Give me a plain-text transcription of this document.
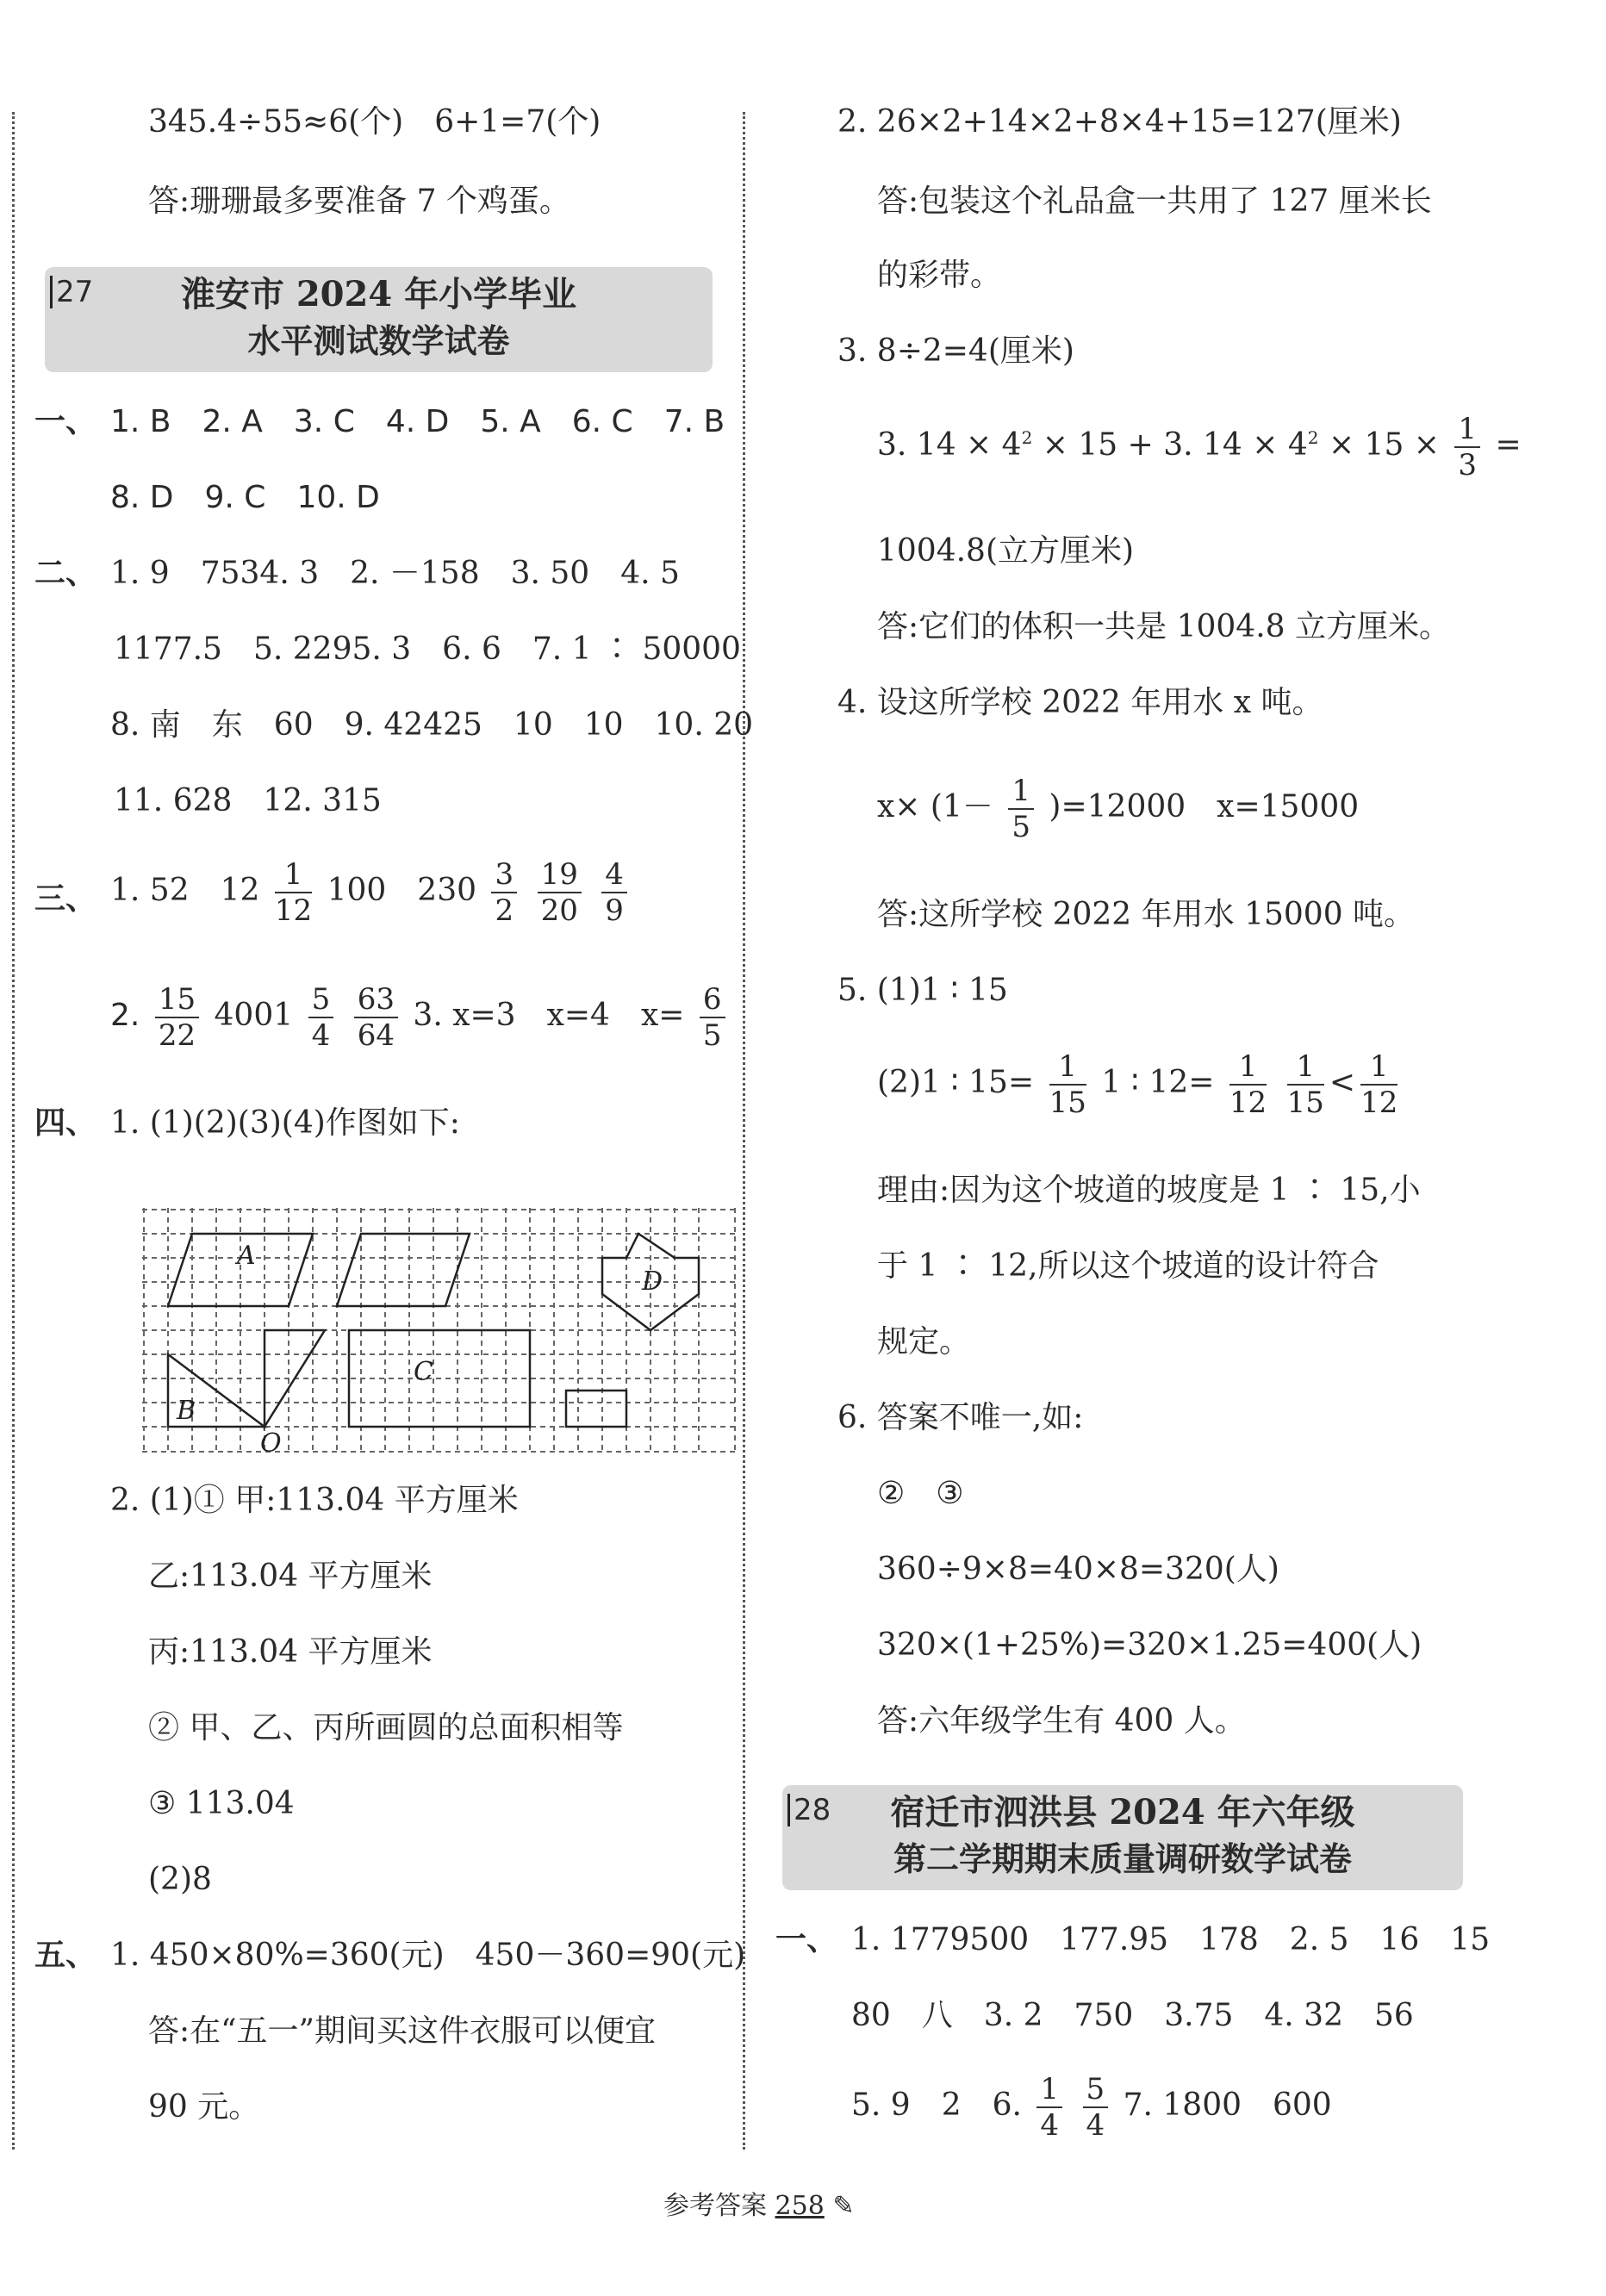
345.4÷55≈6(个)　6+1=7(个)
答:珊珊最多要准备 7 个鸡蛋。
27	淮安市 2024 年小学毕业
水平测试数学试卷
一、 1. B　2. A　3. C　4. D　5. A　6. C　7. B
8. D　9. C　10. D
二、 1. 9　7534. 3　2. －158　3. 50　4. 5
1177.5　5. 2295. 3　6. 6　7. 1 ∶ 50000
8. 南　东　60　9. 42425　10　10　10. 20
11. 628　12. 315
三、 1. 52　$12 \frac{1}{12} 100$　$230 \frac{3}{2}$
$\frac{19}{20}$
$\frac{4}{9}$
2. $\frac{15}{22} 4001 \frac{5}{4}$
$\frac{63}{64} 3$. x=3　x=4　$x= \frac{6}{5}$
四、 1. (1)(2)(3)(4)作图如下:
A
B
C
D
O
2. (1)① 甲:113.04 平方厘米
乙:113.04 平方厘米
丙:113.04 平方厘米
② 甲、乙、丙所画圆的总面积相等
③ 113.04
(2)8
五、 1. 450×80%=360(元)　450－360=90(元)
答:在“五一”期间买这件衣服可以便宜
90 元。
2. 26×2+14×2+8×4+15=127(厘米)
答:包装这个礼品盒一共用了 127 厘米长
的彩带。
3. 8÷2=4(厘米)
3. $14 \times 4^2 \times 15 + 3$. $14 \times 4^2 \times 15 \times \frac{1}{3}$ =
1004.8(立方厘米)
答:它们的体积一共是 1004.8 立方厘米。
4. 设这所学校 2022 年用水 x 吨。
$x\times (1- \frac{1}{5} )=12000$　x=15000
答:这所学校 2022 年用水 15000 吨。
5. (1)1 ∶ 15
(2)1 ∶ $15= \frac{1}{15} 1$ ∶ $12= \frac{1}{12}$
$\frac{1}{15} < \frac{1}{12}$
理由:因为这个坡道的坡度是 1 ∶ 15,小
于 1 ∶ 12,所以这个坡道的设计符合
规定。
6. 答案不唯一,如:
②　③
360÷9×8=40×8=320(人)
320×(1+25%)=320×1.25=400(人)
答:六年级学生有 400 人。
28	宿迁市泗洪县 2024 年六年级
第二学期期末质量调研数学试卷
一、 1. 1779500　177.95　178　2. 5　16　15
80　八　3. 2　750　3.75　4. 32　56
5. 9　2　6. $\frac{1}{4}$
$\frac{5}{4} 7$. 1800　600
参考答案 258 ✎
